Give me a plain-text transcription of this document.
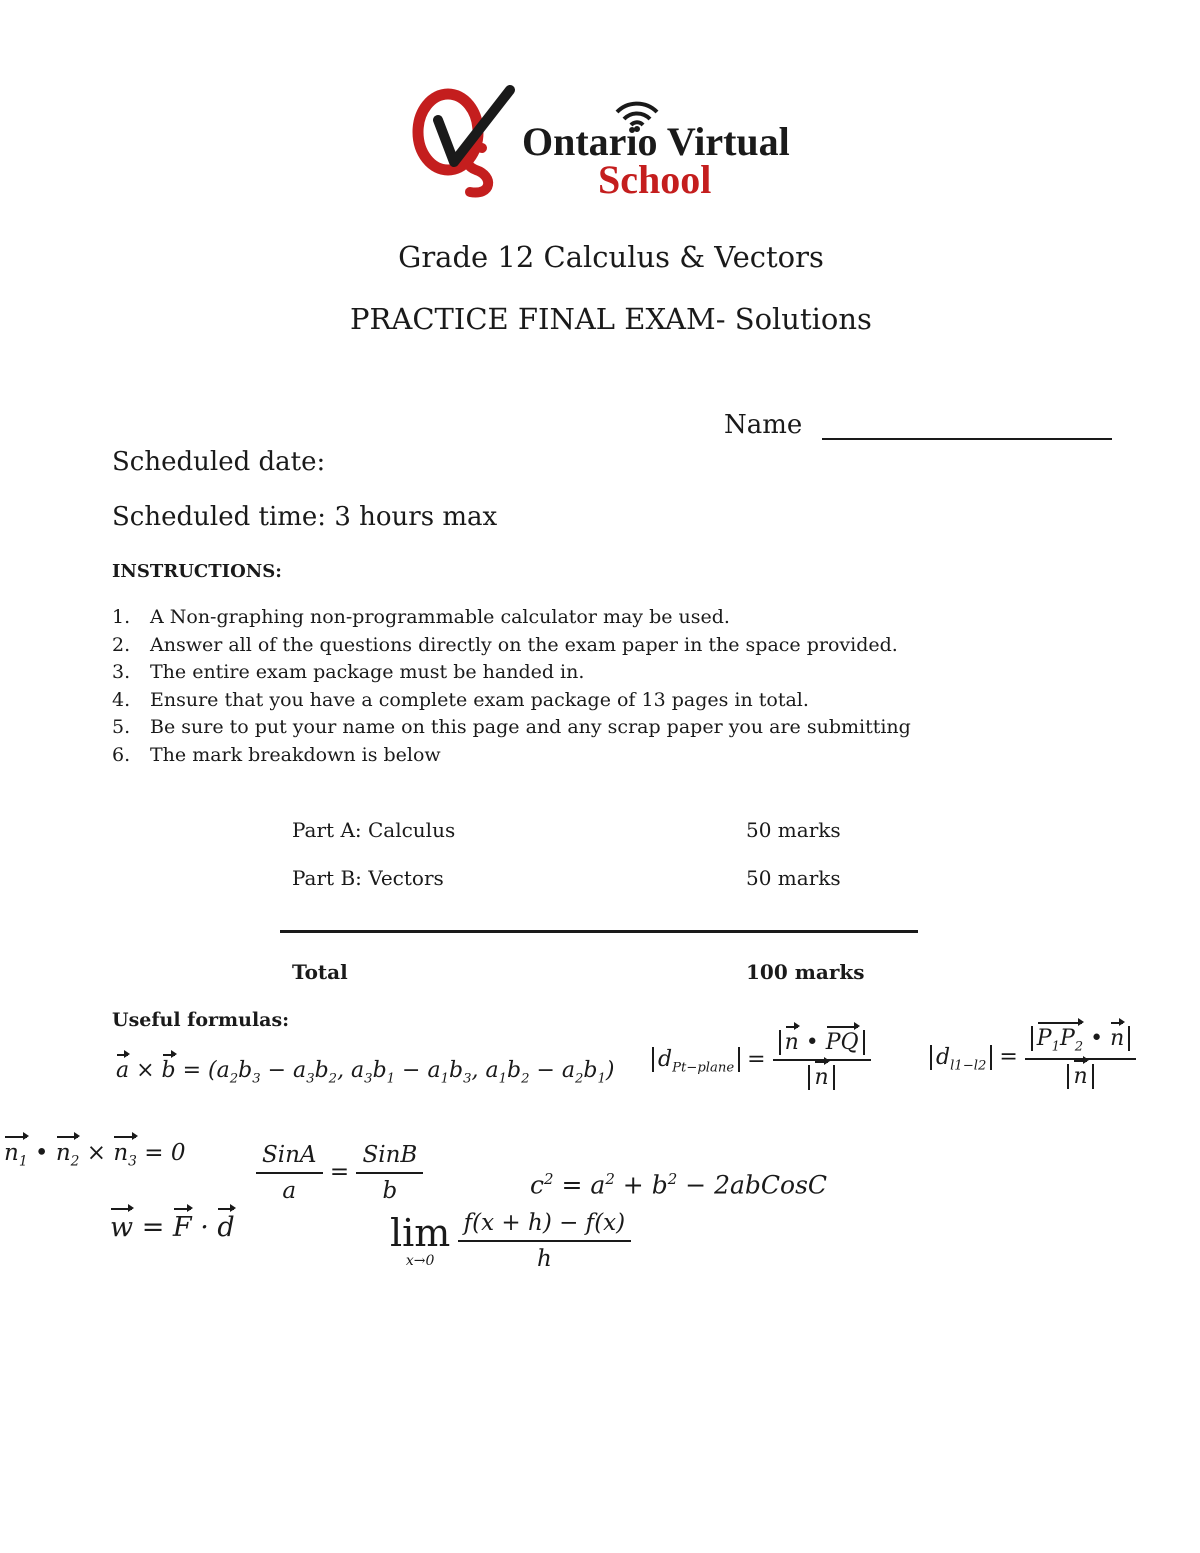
Ontario Virtual
School
Grade 12 Calculus & Vectors
PRACTICE FINAL EXAM- Solutions
Name
Scheduled date:
Scheduled time: 3 hours max
INSTRUCTIONS:
1. A Non-graphing non-programmable calculator may be used.
2. Answer all of the questions directly on the exam paper in the space provided.
3. The entire exam package must be handed in.
4. Ensure that you have a complete exam package of 13 pages in total.
5. Be sure to put your name on this page and any scrap paper you are submitting
6. The mark breakdown is below
Part A: Calculus	50 marks
Part B: Vectors	50 marks
Total	100 marks
Useful formulas:
$a \times b = (a_2b_3 - a_3b_2$, $a_3b_1 - a_1b_3$, $a_1b_2 - a_2b_1$) $d_{Pt-plane} = \frac{n • PQ}{n}$	$d_{l1-l2} = \frac{P_1P_2 • n}{n}$
$n_1$ • $n_2 \times n_3 = 0$	$\frac{\text{SinA}}{a} = \frac{\text{SinB}}{b}$	$c^2 = a^2 + b^2$ − 2abCosC
w = F · d	lim
x→0
	$\frac{f(x + h) - f(x)}{h}$
